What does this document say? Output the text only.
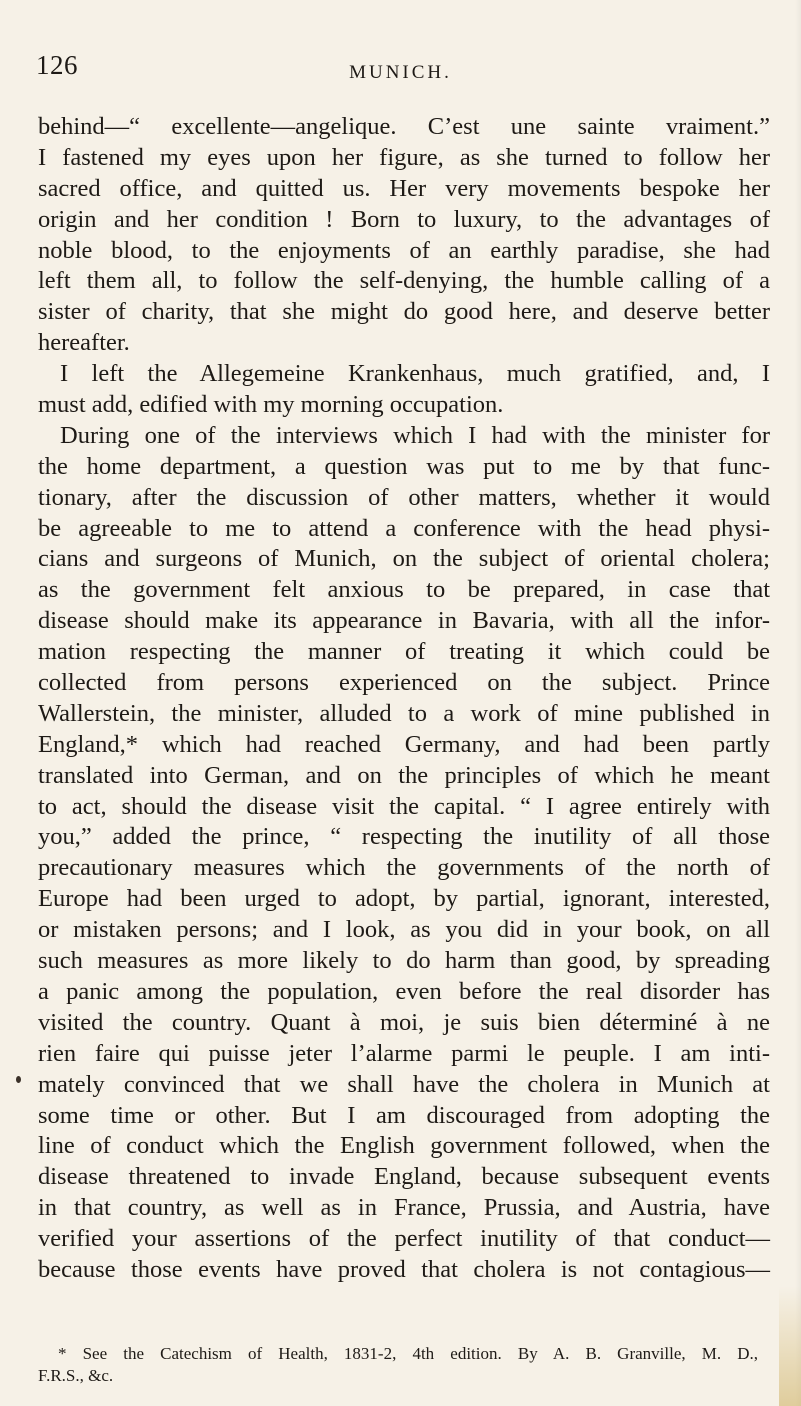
126	MUNICH.
behind—“ excellente—angelique. C’est une sainte vraiment.”
I fastened my eyes upon her figure, as she turned to follow her
sacred office, and quitted us. Her very movements bespoke her
origin and her condition ! Born to luxury, to the advantages of
noble blood, to the enjoyments of an earthly paradise, she had
left them all, to follow the self-denying, the humble calling of a
sister of charity, that she might do good here, and deserve better
hereafter.
I left the Allegemeine Krankenhaus, much gratified, and, I
must add, edified with my morning occupation.
During one of the interviews which I had with the minister for
the home department, a question was put to me by that func-
tionary, after the discussion of other matters, whether it would
be agreeable to me to attend a conference with the head physi-
cians and surgeons of Munich, on the subject of oriental cholera;
as the government felt anxious to be prepared, in case that
disease should make its appearance in Bavaria, with all the infor-
mation respecting the manner of treating it which could be
collected from persons experienced on the subject. Prince
Wallerstein, the minister, alluded to a work of mine published in
England,* which had reached Germany, and had been partly
translated into German, and on the principles of which he meant
to act, should the disease visit the capital. “ I agree entirely with
you,” added the prince, “ respecting the inutility of all those
precautionary measures which the governments of the north of
Europe had been urged to adopt, by partial, ignorant, interested,
or mistaken persons; and I look, as you did in your book, on all
such measures as more likely to do harm than good, by spreading
a panic among the population, even before the real disorder has
visited the country. Quant à moi, je suis bien déterminé à ne
rien faire qui puisse jeter l’alarme parmi le peuple. I am inti-
mately convinced that we shall have the cholera in Munich at
some time or other. But I am discouraged from adopting the
line of conduct which the English government followed, when the
disease threatened to invade England, because subsequent events
in that country, as well as in France, Prussia, and Austria, have
verified your assertions of the perfect inutility of that conduct—
because those events have proved that cholera is not contagious—
* See the Catechism of Health, 1831-2, 4th edition. By A. B. Granville, M. D.,
F.R.S., &c.
